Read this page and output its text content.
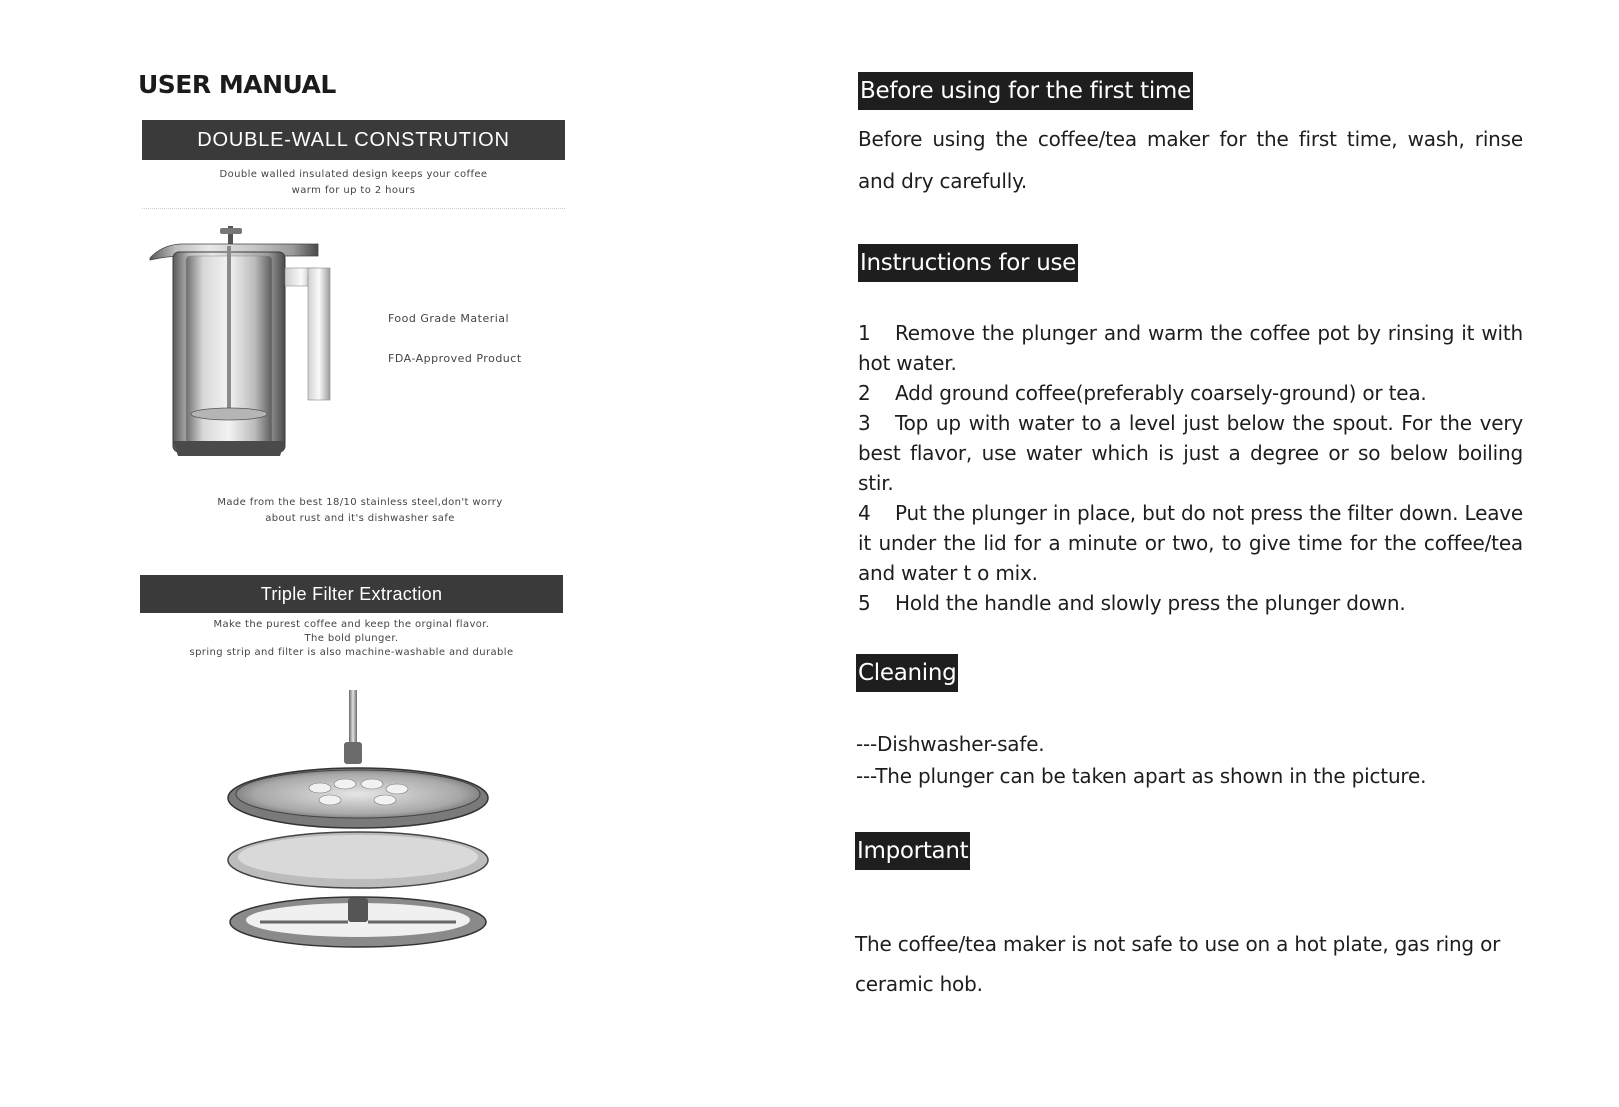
USER MANUAL
DOUBLE-WALL CONSTRUTION
Double walled insulated design keeps your coffee
warm for up to 2 hours
Food Grade Material
FDA-Approved Product
Made from the best 18/10 stainless steel,don't worry
about rust and it's dishwasher safe
Triple Filter Extraction
Make the purest coffee and keep the orginal flavor.
The bold plunger.
spring strip and filter is also machine-washable and durable
Before using for the first time
Before using the coffee/tea maker for the first time, wash, rinse and dry carefully.
Instructions for use
1 Remove the plunger and warm the coffee pot by rinsing it with hot water.
2 Add ground coffee(preferably coarsely-ground) or tea.
3 Top up with water to a level just below the spout. For the very best flavor, use water which is just a degree or so below boiling stir.
4 Put the plunger in place, but do not press the filter down. Leave it under the lid for a minute or two, to give time for the coffee/tea and water t o mix.
5 Hold the handle and slowly press the plunger down.
Cleaning
---Dishwasher-safe.
---The plunger can be taken apart as shown in the picture.
Important
The coffee/tea maker is not safe to use on a hot plate, gas ring or ceramic hob.
